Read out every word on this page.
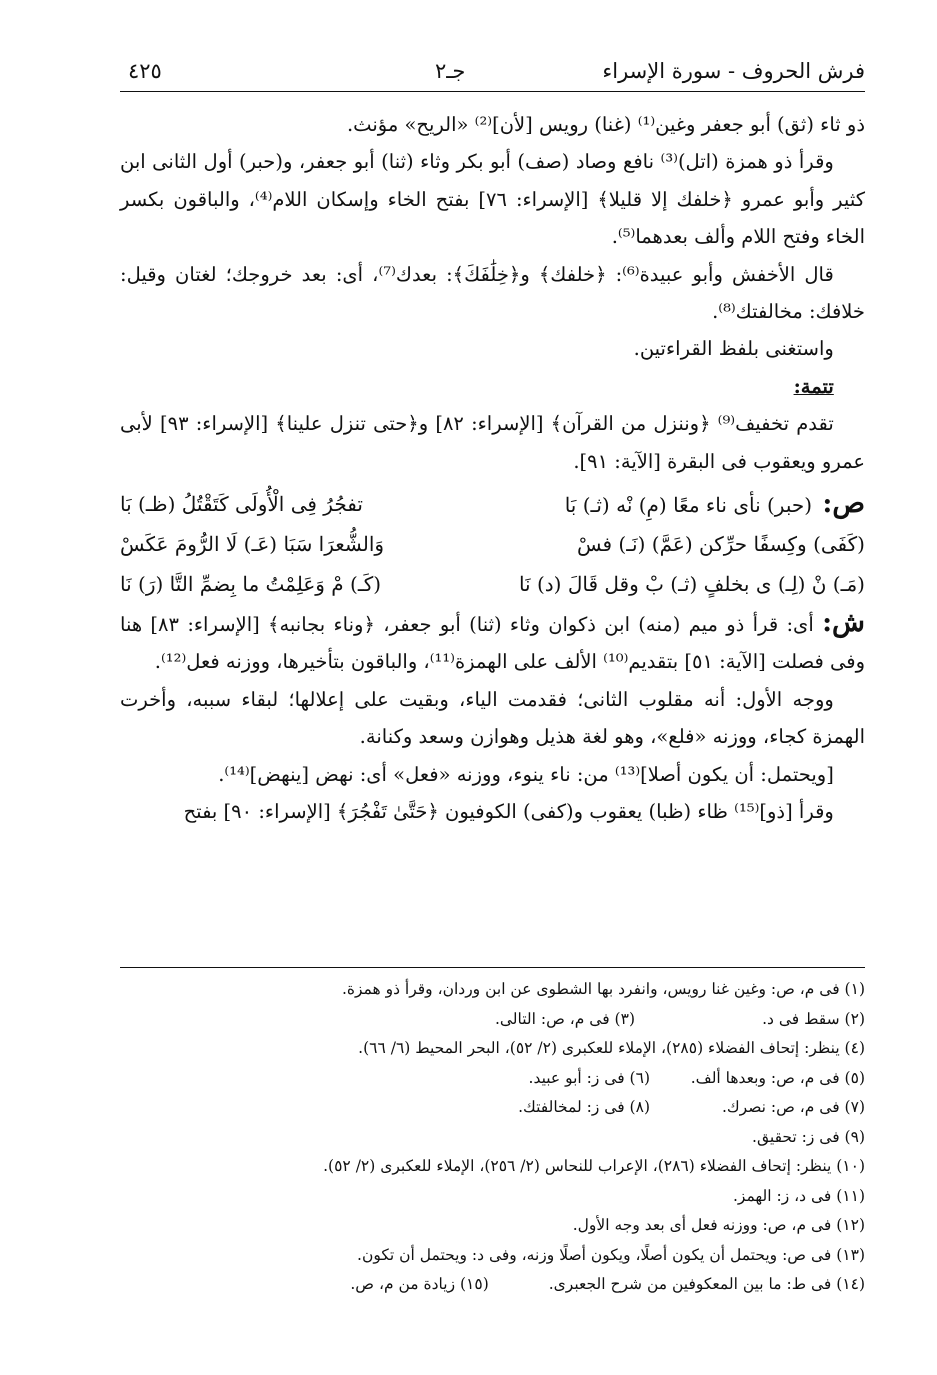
فرش الحروف - سورة الإسراء
جـ٢
٤٢٥

ذو ثاء (ثق) أبو جعفر وغين⁽¹⁾ (غنا) رويس [لأن]⁽²⁾ «الريح» مؤنث.

وقرأ ذو همزة (اتل)⁽³⁾ نافع وصاد (صف) أبو بكر وثاء (ثنا) أبو جعفر، و(حبر) أول الثانى ابن كثير وأبو عمرو ﴿خلفك إلا قليلا﴾ [الإسراء: ٧٦] بفتح الخاء وإسكان اللام⁽⁴⁾، والباقون بكسر الخاء وفتح اللام وألف بعدهما⁽⁵⁾.

قال الأخفش وأبو عبيدة⁽⁶⁾: ﴿خلفك﴾ و﴿خِلَٰفَكَ﴾: بعدك⁽⁷⁾، أى: بعد خروجك؛ لغتان وقيل: خلافك: مخالفتك⁽⁸⁾.

واستغنى بلفظ القراءتين.

تتمة:

تقدم تخفيف⁽⁹⁾ ﴿وننزل من القرآن﴾ [الإسراء: ٨٢] و﴿حتى تنزل علينا﴾ [الإسراء: ٩٣] لأبى عمرو ويعقوب فى البقرة [الآية: ٩١].

ص: (حبر) نأى ناء معًا (مِ) نْه (ثـ) بَا
تفجُرُ فِى الْأُولَى كَتَقْتُلُ (ظـ) بَا
(كَفَى) وكِسفًا حرِّكن (عَمَّ) (نَـ) فسْ
وَالشُّعرَا سَبَا (عَـ) لَا الرُّومَ عَكَسْ
(مَـ) نْ (لِـ) ى بخلفٍ (ثـ) بْ وقل قَالَ (د) نَا
(كَـ) مْ وَعَلِمْتُ ما بِضمِّ التَّا (رَ) نَا

ش: أى: قرأ ذو ميم (منه) ابن ذكوان وثاء (ثنا) أبو جعفر، ﴿وناء بجانبه﴾ [الإسراء: ٨٣] هنا وفى فصلت [الآية: ٥١] بتقديم⁽¹⁰⁾ الألف على الهمزة⁽¹¹⁾، والباقون بتأخيرها، ووزنه فعل⁽¹²⁾.

ووجه الأول: أنه مقلوب الثانى؛ فقدمت الياء، وبقيت على إعلالها؛ لبقاء سببه، وأخرت الهمزة كجاء، ووزنه «فلع»، وهو لغة هذيل وهوازن وسعد وكنانة.

[ويحتمل: أن يكون أصلا]⁽¹³⁾ من: ناء ينوء، ووزنه «فعل» أى: نهض [ينهض]⁽¹⁴⁾.

وقرأ [ذو]⁽¹⁵⁾ ظاء (ظبا) يعقوب و(كفى) الكوفيون ﴿حَتَّىٰ تَفْجُرَ﴾ [الإسراء: ٩٠] بفتح

(١) فى م، ص: وغين غنا رويس، وانفرد بها الشطوى عن ابن وردان، وقرأ ذو همزة.
(٢) سقط فى د.
(٣) فى م، ص: التالى.
(٤) ينظر: إتحاف الفضلاء (٢٨٥)، الإملاء للعكبرى (٢/ ٥٢)، البحر المحيط (٦/ ٦٦).
(٥) فى م، ص: وبعدها ألف.
(٦) فى ز: أبو عبيد.
(٧) فى م، ص: نصرك.
(٨) فى ز: لمخالفتك.
(٩) فى ز: تحقيق.
(١٠) ينظر: إتحاف الفضلاء (٢٨٦)، الإعراب للنحاس (٢/ ٢٥٦)، الإملاء للعكبرى (٢/ ٥٢).
(١١) فى د، ز: الهمز.
(١٢) فى م، ص: ووزنه فعل أى بعد وجه الأول.
(١٣) فى ص: ويحتمل أن يكون أصلًا، ويكون أصلًا وزنه، وفى د: ويحتمل أن تكون.
(١٤) فى ط: ما بين المعكوفين من شرح الجعبرى.
(١٥) زيادة من م، ص.
